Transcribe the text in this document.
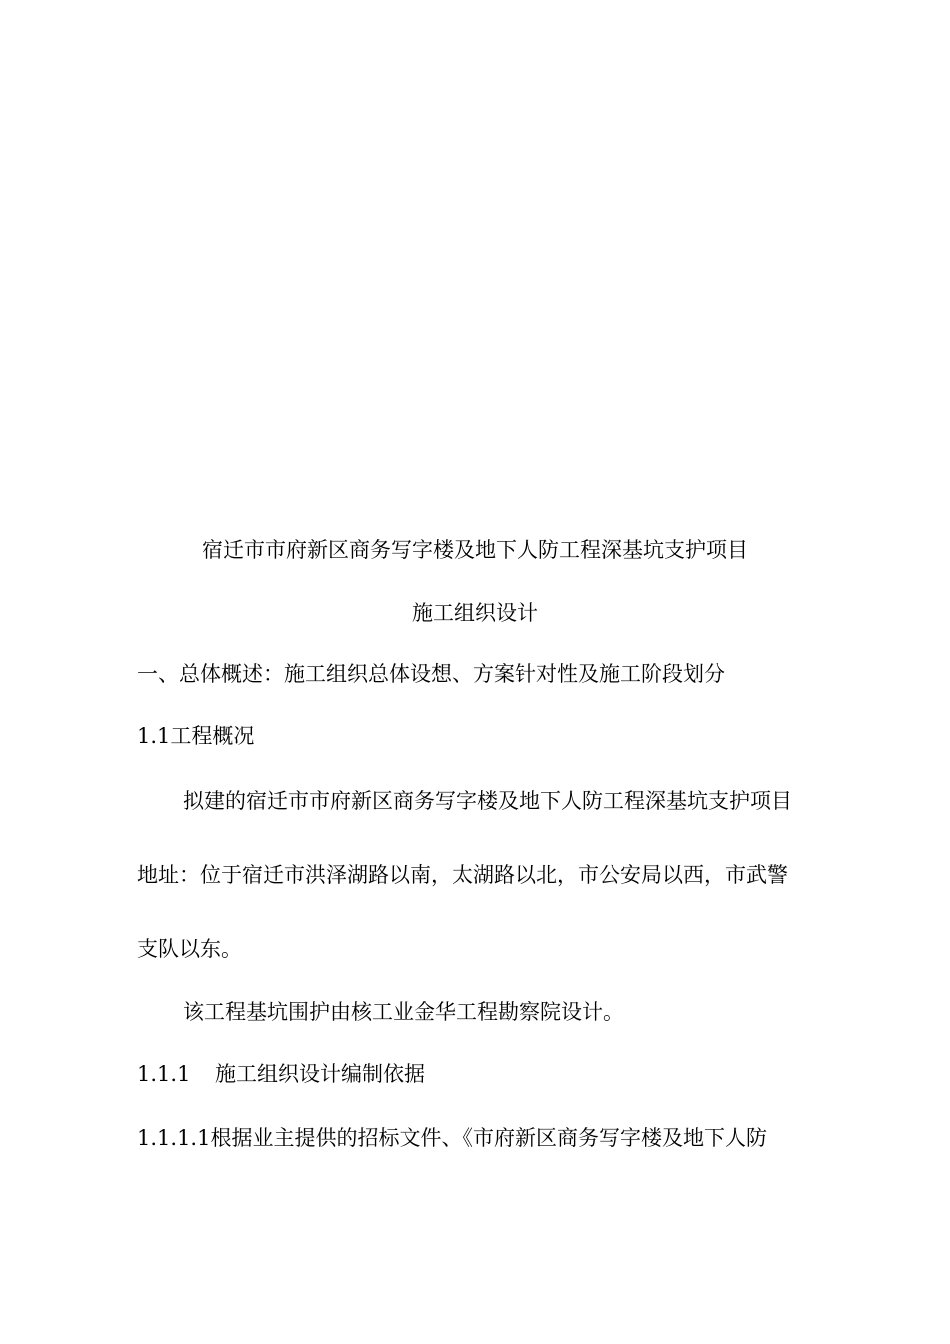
宿迁市市府新区商务写字楼及地下人防工程深基坑支护项目
施工组织设计
一、总体概述：施工组织总体设想、方案针对性及施工阶段划分
1.1工程概况
拟建的宿迁市市府新区商务写字楼及地下人防工程深基坑支护项目
地址：位于宿迁市洪泽湖路以南，太湖路以北，市公安局以西，市武警
支队以东。
该工程基坑围护由核工业金华工程勘察院设计。
1.1.1 施工组织设计编制依据
1.1.1.1根据业主提供的招标文件、《市府新区商务写字楼及地下人防
